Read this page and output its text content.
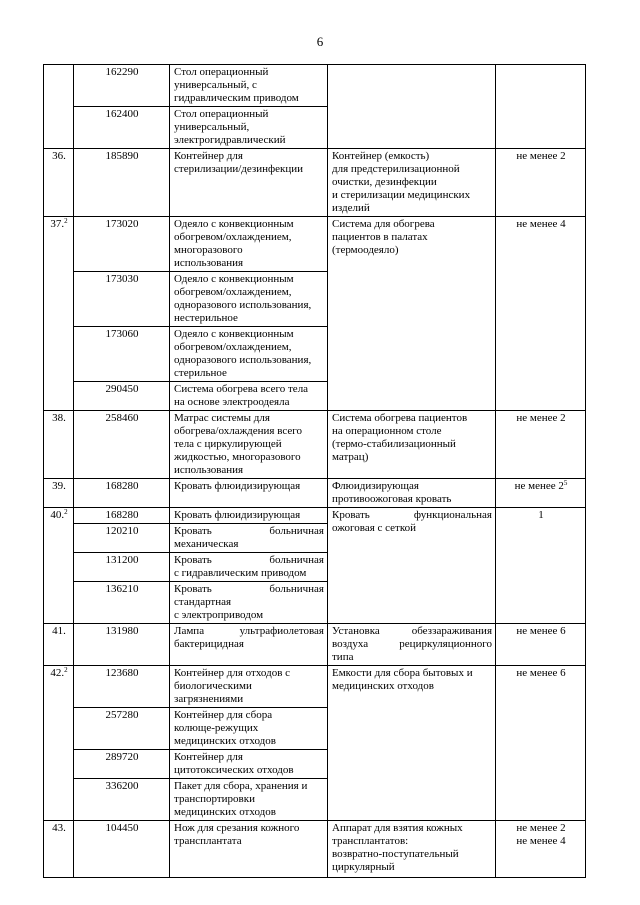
6
	162290	Стол операционный
универсальный, с
гидравлическим приводом		
	162400	Стол операционный
универсальный,
электрогидравлический		
36.	185890	Контейнер для
стерилизации/дезинфекции	Контейнер (емкость)
для предстерилизационной
очистки, дезинфекции
и стерилизации медицинских
изделий	не менее 2
37.$^2$	173020	Одеяло с конвекционным
обогревом/охлаждением,
многоразового
использования	Система для обогрева
пациентов в палатах
(термоодеяло)	не менее 4
	173030	Одеяло с конвекционным
обогревом/охлаждением,
одноразового использования,
нестерильное		
	173060	Одеяло с конвекционным
обогревом/охлаждением,
одноразового использования,
стерильное		
	290450	Система обогрева всего тела
на основе электроодеяла		
38.	258460	Матрас системы для
обогрева/охлаждения всего
тела с циркулирующей
жидкостью, многоразового
использования	Система обогрева пациентов
на операционном столе
(термо-стабилизационный
матрац)	не менее 2
39.	168280	Кровать флюидизирующая	Флюидизирующая
противоожоговая кровать	не менее $2^5$
40.$^2$	168280	Кровать флюидизирующая	Кровать функциональная
ожоговая с сеткой	1
	120210	Кровать больничная
механическая		
	131200	Кровать больничная
с гидравлическим приводом		
	136210	Кровать больничная
стандартная
с электроприводом		
41.	131980	Лампа ультрафиолетовая
бактерицидная	Установка обеззараживания
воздуха рециркуляционного
типа	не менее 6
42.$^2$	123680	Контейнер для отходов с
биологическими
загрязнениями	Емкости для сбора бытовых и
медицинских отходов	не менее 6
	257280	Контейнер для сбора
колюще-режущих
медицинских отходов		
	289720	Контейнер для
цитотоксических отходов		
	336200	Пакет для сбора, хранения и
транспортировки
медицинских отходов		
43.	104450	Нож для срезания кожного
трансплантата	Аппарат для взятия кожных
трансплантатов:
возвратно-поступательный
циркулярный	не менее 2
не менее 4
